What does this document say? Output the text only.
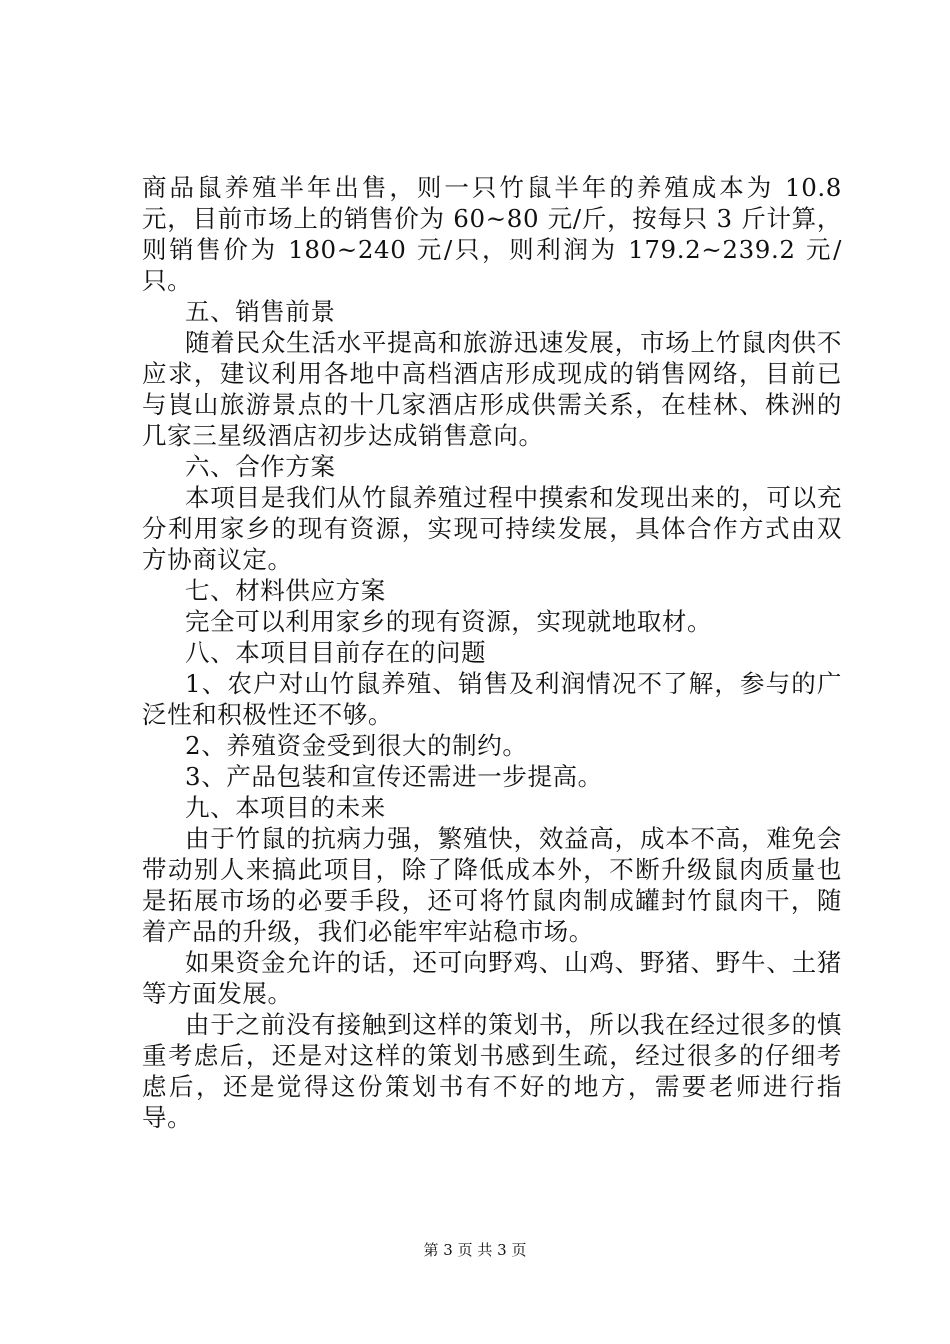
商品鼠养殖半年出售，则一只竹鼠半年的养殖成本为 10.8 元，目前市场上的销售价为 60~80 元/斤，按每只 3 斤计算，则销售价为 180~240 元/只，则利润为 179.2~239.2 元/只。

五、销售前景

随着民众生活水平提高和旅游迅速发展，市场上竹鼠肉供不应求，建议利用各地中高档酒店形成现成的销售网络，目前已与崀山旅游景点的十几家酒店形成供需关系，在桂林、株洲的几家三星级酒店初步达成销售意向。

六、合作方案

本项目是我们从竹鼠养殖过程中摸索和发现出来的，可以充分利用家乡的现有资源，实现可持续发展，具体合作方式由双方协商议定。

七、材料供应方案

完全可以利用家乡的现有资源，实现就地取材。

八、本项目目前存在的问题

1、农户对山竹鼠养殖、销售及利润情况不了解，参与的广泛性和积极性还不够。

2、养殖资金受到很大的制约。

3、产品包装和宣传还需进一步提高。

九、本项目的未来

由于竹鼠的抗病力强，繁殖快，效益高，成本不高，难免会带动别人来搞此项目，除了降低成本外，不断升级鼠肉质量也是拓展市场的必要手段，还可将竹鼠肉制成罐封竹鼠肉干，随着产品的升级，我们必能牢牢站稳市场。

如果资金允许的话，还可向野鸡、山鸡、野猪、野牛、土猪等方面发展。

由于之前没有接触到这样的策划书，所以我在经过很多的慎重考虑后，还是对这样的策划书感到生疏，经过很多的仔细考虑后，还是觉得这份策划书有不好的地方，需要老师进行指导。

第 3 页 共 3 页
